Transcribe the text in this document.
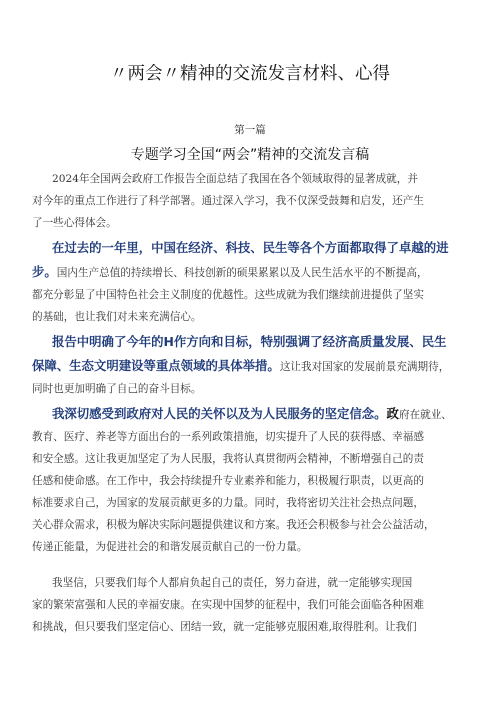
〃两会〃精神的交流发言材料、心得
第一篇
专题学习全国“两会”精神的交流发言稿
2024年全国两会政府工作报告全面总结了我国在各个领域取得的显著成就，并
对今年的重点工作进行了科学部署。通过深入学习，我不仅深受鼓舞和启发，还产生
了一些心得体会。
在过去的一年里，中国在经济、科技、民生等各个方面都取得了卓越的进
步。国内生产总值的持续增长、科技创新的硕果累累以及人民生活水平的不断提高，
都充分彰显了中国特色社会主义制度的优越性。这些成就为我们继续前进提供了坚实
的基础，也让我们对未来充满信心。
报告中明确了今年的H作方向和目标，特别强调了经济高质量发展、民生
保障、生态文明建设等重点领域的具体举措。这让我对国家的发展前景充满期待，
同时也更加明确了自己的奋斗目标。
我深切感受到政府对人民的关怀以及为人民服务的坚定信念。政府在就业、
教育、医疗、养老等方面出台的一系列政策措施，切实提升了人民的获得感、幸福感
和安全感。这让我更加坚定了为人民服，我将认真贯彻两会精神，不断增强自己的责
任感和使命感。在工作中，我会持续提升专业素养和能力，积极履行职责，以更高的
标准要求自己，为国家的发展贡献更多的力量。同时，我将密切关注社会热点问题，
关心群众需求，积极为解决实际问题提供建议和方案。我还会积极参与社会公益活动，
传递正能量，为促进社会的和谐发展贡献自己的一份力量。
我坚信，只要我们每个人都肩负起自己的责任，努力奋进，就一定能够实现国
家的繁荣富强和人民的幸福安康。在实现中国梦的征程中，我们可能会面临各种困难
和挑战，但只要我们坚定信心、团结一致，就一定能够克服困难,取得胜利。让我们
